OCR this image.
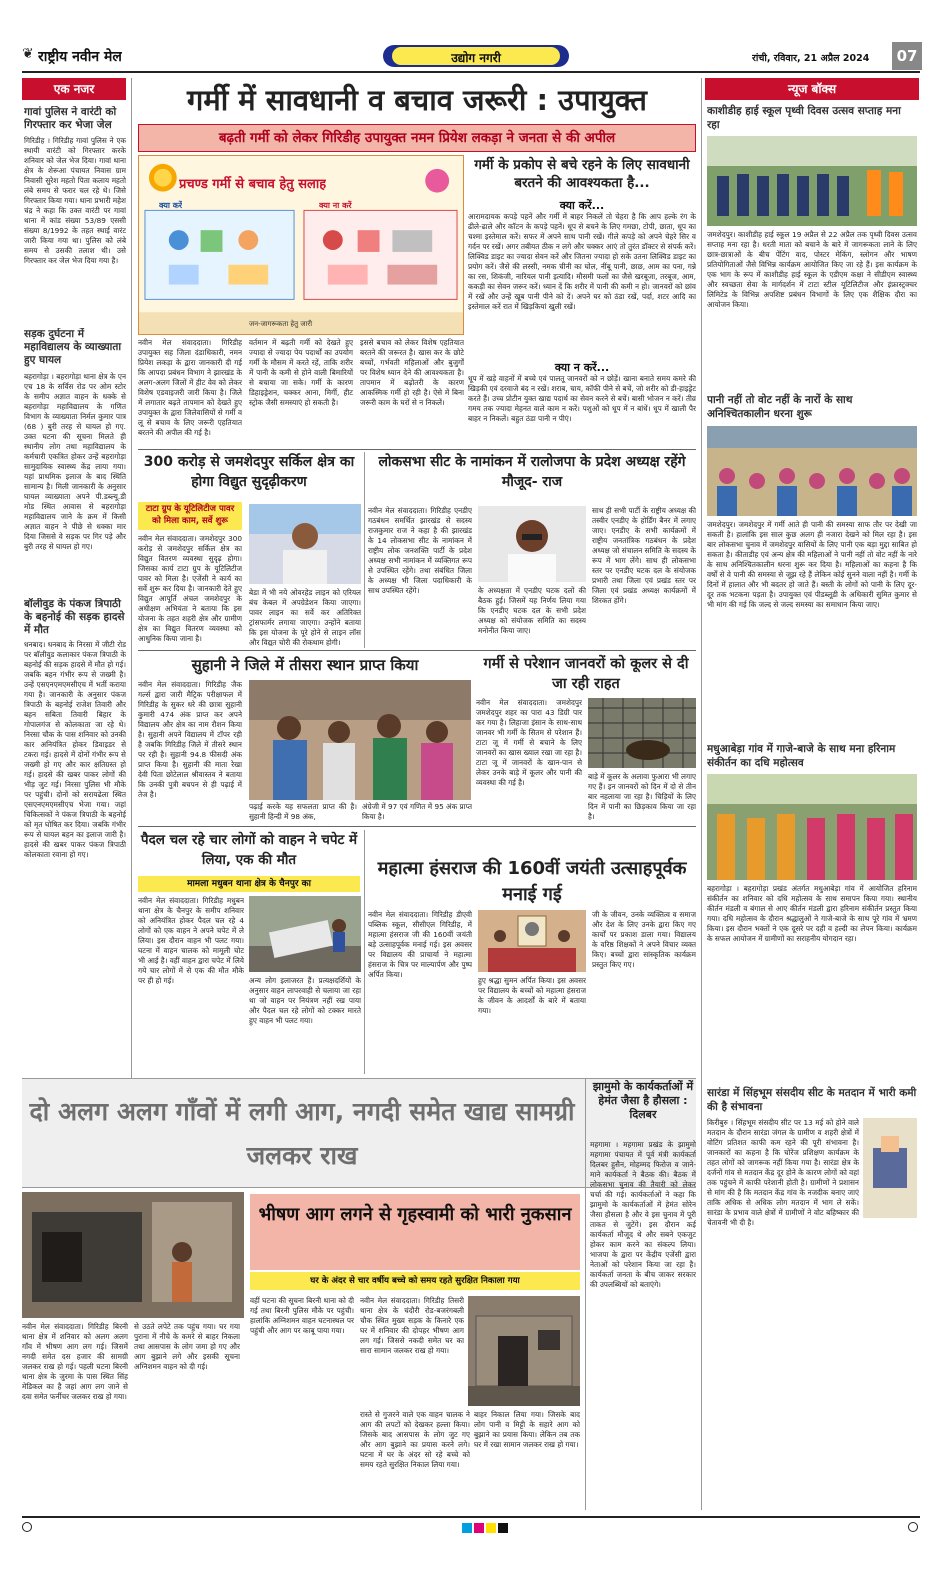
❦ राष्ट्रीय नवीन मेल	उद्योग नगरी	रांची, रविवार, 21 अप्रैल 2024	07
एक नजर
गावां पुलिस ने वारंटी को गिरफ्तार कर भेजा जेल
गिरिडीह । गिरिडीह गावां पुलिस ने एक स्थायी वारंटी को गिरफ्तार करके शनिवार को जेल भेज दिया। गावां थाना क्षेत्र के शेरूआ पंचायत निवास ग्राम निवासी सुरेश महतो पिता कलाय महतो लंबे समय से फरार चल रहे थे। जिसे गिरफ्तार किया गया। थाना प्रभारी महेश चंद्र ने कहा कि उक्त वारंटी पर गावां थाना में कांड संख्या 53/89 एससी संख्या 8/1992 के तहत स्थाई वारंट जारी किया गया था। पुलिस को लंबे समय से उसकी तलाश थी। उसे गिरफ्तार कर जेल भेज दिया गया है।
सड़क दुर्घटना में महाविद्यालय के व्याख्याता हुए घायल
बहरागोड़ा । बहरागोड़ा थाना क्षेत्र के एन एच 18 के सर्विस रोड पर ओम स्टोर के समीप अज्ञात वाहन के धक्के से बहरागोड़ा महाविद्यालय के गणित विभाग के व्याख्याता निर्मल कुमार पात्र (68 ) बुरी तरह से घायल हो गए. उक्त घटना की सूचना मिलते ही स्थानीय लोग तथा महाविद्यालय के कर्मचारी एकत्रित होकर उन्हें बहरागोड़ा सामुदायिक स्वास्थ्य केंद्र लाया गया। यहां प्राथमिक इलाज के बाद स्थिति सामान्य है। मिली जानकारी के अनुसार घायल व्याख्याता अपने पी.डब्ल्यू.डी मोड स्थित आवास से बहरागोड़ा महाविद्यालय जाने के क्रम में किसी अज्ञात वाहन ने पीछे से धक्का मार दिया जिससे वे सड़क पर गिर पड़े और बुरी तरह से घायल हो गए।
बॉलीवुड के पंकज त्रिपाठी के बहनोई की सड़क हादसे में मौत
धनबाद। धनबाद के निरसा में जीटी रोड पर बॉलीवुड कलाकार पंकज त्रिपाठी के बहनोई की सड़क हादसे में मौत हो गई। जबकि बहन गंभीर रूप से जख्मी है। उन्हें एसएनएमएमसीएच में भर्ती कराया गया है। जानकारी के अनुसार पंकज त्रिपाठी के बहनोई राजेश तिवारी और बहन सबिता तिवारी बिहार के गोपालगंज से कोलकाता जा रहे थे। निरसा चौक के पास शनिवार को उनकी कार अनियंत्रित होकर डिवाइडर से टकरा गई। हादसे में दोनों गंभीर रूप से जख्मी हो गए और कार क्षतिग्रस्त हो गई। हादसे की खबर पाकर लोगों की भीड़ जुट गई। निरसा पुलिस भी मौके पर पहुंची। दोनों को सरायढेला स्थित एसएनएमएमसीएच भेजा गया। जहां चिकित्सकों ने पंकज त्रिपाठी के बहनोई को मृत घोषित कर दिया। जबकि गंभीर रूप से घायल बहन का इलाज जारी है। हादसे की खबर पाकर पंकज त्रिपाठी कोलकाता रवाना हो गए।
गर्मी में सावधानी व बचाव जरूरी : उपायुक्त
बढ़ती गर्मी को लेकर गिरिडीह उपायुक्त नमन प्रियेश लकड़ा ने जनता से की अपील
प्रचण्ड गर्मी से बचाव हेतु सलाह
क्या करें	क्या ना करें
जन-जागरूकता हेतु जारी
गर्मी के प्रकोप से बचे रहने के लिए सावधानी बरतने की आवश्यकता है...
क्या करें...
आरामदायक कपड़े पहनें और गर्मी में बाहर निकलें तो चेहरा है कि आप हल्के रंग के ढीले-ढाले और कॉटन के कपड़े पहनें। धूप से बचने के लिए गमछा, टोपी, छाता, धूप का चश्मा इस्तेमाल करें। सफर में अपने साथ पानी रखें। गीले कपड़े को अपने चेहरे सिर व गर्दन पर रखें। अगर तबीयत ठीक न लगे और चक्कर आएं तो तुरंत डॉक्टर से संपर्क करें। लिक्विड डाइट का ज्यादा सेवन करें और जितना ज्यादा हो सके उतना लिक्विड डाइट का प्रयोग करें। जैसे की लस्सी, नमक चीनी का घोल, नींबू पानी, छाछ, आम का पना, गन्ने का रस, शिकंजी, नारियल पानी इत्यादि। मौसमी फलों का जैसे खरबूजा, तरबूज, आम, ककड़ी का सेवन जरूर करें। ध्यान दें कि शरीर में पानी की कमी न हो। जानवरों को छांव में रखें और उन्हें खूब पानी पीने को दें। अपने घर को ठंडा रखें, पर्दा, शटर आदि का इस्तेमाल करें रात में खिड़कियां खुली रखें।
क्या न करें...
धूप में खड़े वाहनों में बच्चे एवं पालतू जानवरों को न छोड़ें। खाना बनाते समय कमरे की खिड़की एवं दरवाजे बंद न रखें। शराब, चाय, कॉफी पीने से बचें, जो शरीर को डी-हाइड्रेट करते हैं। उच्च प्रोटीन युक्त खाद्य पदार्थ का सेवन करने से बचें। बासी भोजन न करें। तीव्र गमय तक ज्यादा मेहनत वाले काम न करें। पशुओं को धूप में न बांधें। धूप में खाली पैर बाहर न निकलें। बहुत ठंडा पानी न पीएं।
नवीन मेल संवाददाता। गिरिडीह उपायुक्त सह जिला दंडाधिकारी, नमन प्रियेश लकड़ा के द्वारा जानकारी दी गई कि आपदा प्रबंधन विभाग ने झारखंड के अलग-अलग जिलों में हीट वेव को लेकर विशेष एडवाइजरी जारी किया है। जिले में लगातार बढ़ते तापमान को देखते हुए उपायुक्त के द्वारा जिलेवासियों से गर्मी व लू से बचाव के लिए जरूरी एहतियात बरतने की अपील की गई है।
वर्तमान में बढ़ती गर्मी को देखते हुए ज्यादा से ज्यादा पेय पदार्थों का उपयोग गर्मी के मौसम में करते रहें, ताकि शरीर में पानी के कमी से होने वाली बिमारियों से बचाया जा सके। गर्मी के कारण डिहाइड्रेशन, चक्कर आना, मिर्गी, हीट स्ट्रोक जैसी समस्याएं हो सकती है।
इससे बचाव को लेकर विशेष एहतियात बरतने की जरूरत है। खास कर के छोटे बच्चों, गर्भवती महिलाओं और बुजुर्गों पर विशेष ध्यान देने की आवश्यकता है। तापमान में बढ़ोतरी के कारण आकस्मिक गर्मी हो रही है। ऐसे में बिना जरूरी काम के घरों से न निकलें।
300 करोड़ से जमशेदपुर सर्किल क्षेत्र का होगा विद्युत सुदृढ़ीकरण
टाटा ग्रुप के यूटिलिटीज पावर को मिला काम, सर्वे शुरू
नवीन मेल संवाददाता। जमशेदपुर 300 करोड़ से जमशेदपुर सर्किल क्षेत्र का विद्युत वितरण व्यवस्था सुदृढ़ होगा। जिसका कार्य टाटा ग्रुप के यूटिलिटीज पावर को मिला है। एजेंसी ने कार्य का सर्वे शुरू कर दिया है। जानकारी देते हुए विद्युत आपूर्ति अंचल जमशेदपुर के अधीक्षण अभियंता ने बताया कि इस योजना के तहत शहरी क्षेत्र और ग्रामीण क्षेत्र का विद्युत वितरण व्यवस्था को आधुनिक किया जाना है।
बेडा में भी नये ओवरहेड लाइन को एरियल बंच केबल में अपग्रेडेशन किया जाएगा। पावर लाइन का सर्वे कर अतिरिक्त ट्रांसफार्मर लगाया जाएगा। उन्होंने बताया कि इस योजना के पूरे होने से लाइन लॉस और विद्युत चोरी की रोकथाम होगी।
लोकसभा सीट के नामांकन में रालोजपा के प्रदेश अध्यक्ष रहेंगे मौजूद- राज
नवीन मेल संवाददाता। गिरिडीह एनडीए गठबंधन समर्थित झारखंड से सदस्य राजकुमार राज ने कहा है की झारखंड के 14 लोकसभा सीट के नामांकन में राष्ट्रीय लोक जनशक्ति पार्टी के प्रदेश अध्यक्ष सभी नामांकन में व्यक्तिगत रूप से उपस्थित रहेंगे। तथा संबंधित जिला के अध्यक्ष भी जिला पदाधिकारी के साथ उपस्थित रहेंगे।	के अध्यक्षता में एनडीए घटक दलों की बैठक हुई। जिसमें यह निर्णय लिया गया कि एनडीए घटक दल के सभी प्रदेश अध्यक्ष को संयोजक समिति का सदस्य मनोनीत किया जाए।
साथ ही सभी पार्टी के राष्ट्रीय अध्यक्ष की तस्वीर एनडीए के होर्डिंग बैनर में लगाए जाए। एनडीए के सभी कार्यक्रमों में राष्ट्रीय जनतांत्रिक गठबंधन के प्रदेश अध्यक्ष जो संचालन समिति के सदस्य के रूप में भाग लेंगे। साथ ही लोकसभा स्तर पर एनडीए घटक दल के संयोजक प्रभारी तथा जिला एवं प्रखंड स्तर पर जिला एवं प्रखंड अध्यक्ष कार्यक्रमों में शिरकत होंगे।
सुहानी ने जिले में तीसरा स्थान प्राप्त किया
नवीन मेल संवाददाता। गिरिडीह जैक गर्ल्स द्वारा जारी मैट्रिक परीक्षाफल में गिरिडीह के सुकर धरे की छात्रा सुहानी कुमारी 474 अंक प्राप्त कर अपने विद्यालय और क्षेत्र का नाम रौशन किया है। सुहानी अपने विद्यालय में टॉपर रही है जबकि गिरिडीह जिले में तीसरे स्थान पर रही है। सुहानी 94.8 फीसदी अंक प्राप्त किया है। सुहानी की माता रेखा देवी पिता छोटेलाल श्रीवास्तव ने बताया कि उनकी पुत्री बचपन से ही पढ़ाई में तेज है।
पढ़ाई करके यह सफलता प्राप्त की है। सुहानी हिन्दी में 98 अंक,
अंग्रेजी में 97 एवं गणित में 95 अंक प्राप्त किया है।
गर्मी से परेशान जानवरों को कूलर से दी जा रही राहत
नवीन मेल संवाददाता। जमशेदपुर जमशेदपुर शहर का पारा 43 डिग्री पार कर गया है। लिहाजा इंसान के साथ-साथ जानवर भी गर्मी के सितम से परेशान हैं। टाटा जू में गर्मी से बचाने के लिए जानवरों का खास ख्याल रखा जा रहा है। टाटा जू में जानवरों के खान-पान से लेकर उनके बाड़े में कूलर और पानी की व्यवस्था की गई है।
बाड़े में कूलर के अलावा फुआरा भी लगाए गए हैं। इन जानवरों को दिन में दो से तीन बार नहलाया जा रहा है। चिड़ियों के लिए दिन में पानी का छिड़काव किया जा रहा है।
पैदल चल रहे चार लोगों को वाहन ने चपेट में लिया, एक की मौत
मामला मधुबन थाना क्षेत्र के चैनपुर का
नवीन मेल संवाददाता। गिरिडीह मधुबन थाना क्षेत्र के चैनपुर के समीप शनिवार को अनियंत्रित होकर पैदल चल रहे 4 लोगों को एक वाहन ने अपने चपेट में ले लिया। इस दौरान वाहन भी पलट गया। घटना में वाहन चालक को मामूली चोट भी आई है। वहीं वाहन द्वारा चपेट में लिये गये चार लोगों में से एक की मौत मौके पर ही हो गई।	अन्य लोग इलाजरत हैं। प्रत्यक्षदर्शियों के अनुसार वाहन लापरवाही से चलाया जा रहा था जो वाहन पर नियंत्रण नहीं रख पाया और पैदल चल रहे लोगों को टक्कर मारते हुए वाहन भी पलट गया।
महात्मा हंसराज की 160वीं जयंती उत्साहपूर्वक मनाई गई
नवीन मेल संवाददाता। गिरिडीह डीएवी पब्लिक स्कूल, सीसीएल गिरिडीह, में महात्मा हंसराज जी की 160वीं जयंती बड़े उत्साहपूर्वक मनाई गई। इस अवसर पर विद्यालय की प्राचार्या ने महात्मा हंसराज के चित्र पर माल्यार्पण और पुष्प अर्पित किया।
हुए श्रद्धा सुमन अर्पित किया। इस अवसर पर विद्यालय के बच्चों को महात्मा हंसराज के जीवन के आदर्शों के बारे में बताया गया।
जी के जीवन, उनके व्यक्तित्व व समाज और देश के लिए उनके द्वारा किए गए कार्यों पर प्रकाश डाला गया। विद्यालय के वरिष्ठ शिक्षकों ने अपने विचार व्यक्त किए। बच्चों द्वारा सांस्कृतिक कार्यक्रम प्रस्तुत किए गए।
दो अलग अलग गाँवों में लगी आग, नगदी समेत खाद्य सामग्री जलकर राख
नवीन मेल संवाददाता। गिरिडीह बिरनी थाना क्षेत्र में शनिवार को अलग अलग गाँव में भीषण आग लग गई। जिसमें नगदी समेत दस हजार की सामग्री जलकर राख हो गई। पहली घटना बिरनी थाना क्षेत्र के जुरमा के पास स्थित सिंह मेडिकल का है जहां आग लग जाने से दवा समेत फर्नीचर जलकर राख हो गया।
से उठते लपेटे तक पहुंच गया। घर गया पुराना में नीचे के कमरे से बाहर निकला तथा आसपास के लोग जमा हो गए और आग बुझाने लगे और इसकी सूचना अग्निशमन वाहन को दी गई।
वहीं घटना की सूचना बिरनी थाना को दी गई तथा बिरनी पुलिस मौके पर पहुंची। हालांकि अग्निशमन वाहन घटनास्थल पर पहुंची और आग पर काबू पाया गया।
भीषण आग लगने से गृहस्वामी को भारी नुकसान
घर के अंदर से चार वर्षीय बच्चे को समय रहते सुरक्षित निकाला गया
नवीन मेल संवाददाता। गिरिडीह तिसरी थाना क्षेत्र के चंदौरी रोड-बजरंगबली चौक स्थित मुख्य सड़क के किनारे एक घर में शनिवार की दोपहर भीषण आग लग गई। जिससे नकदी समेत घर का सारा सामान जलकर राख हो गया।
रास्ते से गुजरने वाले एक वाहन चालक ने आग की लपटों को देखकर हल्ला किया। जिसके बाद आसपास के लोग जुट गए और आग बुझाने का प्रयास करने लगे। घटना में घर के अंदर सो रहे बच्चे को समय रहते सुरक्षित निकाल लिया गया।
बाहर निकाल लिया गया। जिसके बाद लोग पानी व मिट्टी के सहारे आग को बुझाने का प्रयास किया। लेकिन तब तक घर में रखा सामान जलकर राख हो गया।
झामुमो के कार्यकर्ताओं में हेमंत जैसा है हौसला : दिलबर
महगामा । महगामा प्रखंड के झामुमो महगामा पंचायत में पूर्व मंत्री कार्यकर्ता दिलबर हुसैन, मोहम्मद फिरोज व जाने-माने कार्यकर्ता ने बैठक की। बैठक में लोकसभा चुनाव की तैयारी को लेकर चर्चा की गई। कार्यकर्ताओं ने कहा कि झामुमो के कार्यकर्ताओं में हेमंत सोरेन जैसा हौसला है और वे इस चुनाव में पूरी ताकत से जुटेंगे। इस दौरान कई कार्यकर्ता मौजूद थे और सबने एकजुट होकर काम करने का संकल्प लिया। भाजपा के द्वारा पर केंद्रीय एजेंसी द्वारा नेताओं को परेशान किया जा रहा है। कार्यकर्ता जनता के बीच जाकर सरकार की उपलब्धियों को बताएंगे।
न्यूज बॉक्स
काशीडीह हाई स्कूल पृथ्वी दिवस उत्सव सप्ताह मना रहा
जमशेदपुर। काशीडीह हाई स्कूल 19 अप्रैल से 22 अप्रैल तक पृथ्वी दिवस उत्सव सप्ताह मना रहा है। धरती माता को बचाने के बारे में जागरूकता लाने के लिए छात्र-छात्राओं के बीच पेंटिंग वाद, पोस्टर मेकिंग, स्लोगन और भाषण प्रतियोगिताओं जैसे विभिन्न कार्यक्रम आयोजित किए जा रहे हैं। इस कार्यक्रम के एक भाग के रूप में काशीडीह हाई स्कूल के एडीएम कक्षा ने सीडीएम स्वास्थ्य और स्वच्छता सेवा के मार्गदर्शन में टाटा स्टील यूटिलिटीज और इंफ्रास्ट्रक्चर लिमिटेड के विभिन्न अपशिष्ट प्रबंधन विभागों के लिए एक शैक्षिक दौरा का आयोजन किया।
पानी नहीं तो वोट नहीं के नारों के साथ अनिश्चितकालीन धरना शुरू
जमशेदपुर। जमशेदपुर में गर्मी आते ही पानी की समस्या साफ तौर पर देखी जा सकती है। हालांकि इस साल कुछ अलग ही नजारा देखने को मिल रहा है। इस बार लोकसभा चुनाव में जमशेदपुर वासियों के लिए पानी एक बड़ा मुद्दा साबित हो सकता है। कीताडीह एवं अन्य क्षेत्र की महिलाओं ने पानी नहीं तो वोट नहीं के नारे के साथ अनिश्चितकालीन धरना शुरू कर दिया है। महिलाओं का कहना है कि वर्षों से वे पानी की समस्या से जूझ रहे हैं लेकिन कोई सुनने वाला नहीं है। गर्मी के दिनों में हालात और भी बदतर हो जाते हैं। बस्ती के लोगों को पानी के लिए दूर-दूर तक भटकना पड़ता है। उपायुक्त एवं पीडब्लूडी के अधिकारी सुमित कुमार से भी मांग की गई कि जल्द से जल्द समस्या का समाधान किया जाए।
मधुआबेड़ा गांव में गाजे-बाजे के साथ मना हरिनाम संकीर्तन का दधि महोत्सव
बहरागोड़ा । बहरागोड़ा प्रखंड अंतर्गत मधुआबेड़ा गांव में आयोजित हरिनाम संकीर्तन का शनिवार को दधि महोत्सव के साथ समापन किया गया। स्थानीय कीर्तन मंडली व बंगाल से आए कीर्तन मंडली द्वारा हरिनाम संकीर्तन प्रस्तुत किया गया। दधि महोत्सव के दौरान श्रद्धालुओं ने गाजे-बाजे के साथ पूरे गांव में भ्रमण किया। इस दौरान भक्तों ने एक दूसरे पर दही व हल्दी का लेपन किया। कार्यक्रम के सफल आयोजन में ग्रामीणों का सराहनीय योगदान रहा।
सारंडा में सिंहभूम संसदीय सीट के मतदान में भारी कमी की है संभावना
किरीबुरु । सिंहभूम संसदीय सीट पर 13 मई को होने वाले मतदान के दौरान सारंडा जंगल के ग्रामीण व शहरी क्षेत्रों में वोटिंग प्रतिशत काफी कम रहने की पूरी संभावना है। जानकारों का कहना है कि चोरेंज प्रशिक्षण कार्यक्रम के तहत लोगों को जागरूक नहीं किया गया है। सारंडा क्षेत्र के दर्जनों गांव से मतदान केंद्र दूर होने के कारण लोगों को वहां तक पहुंचने में काफी परेशानी होती है। ग्रामीणों ने प्रशासन से मांग की है कि मतदान केंद्र गांव के नजदीक बनाए जाएं ताकि अधिक से अधिक लोग मतदान में भाग ले सकें। सारंडा के प्रभाव वाले क्षेत्रों में ग्रामीणों ने वोट बहिष्कार की चेतावनी भी दी है।
